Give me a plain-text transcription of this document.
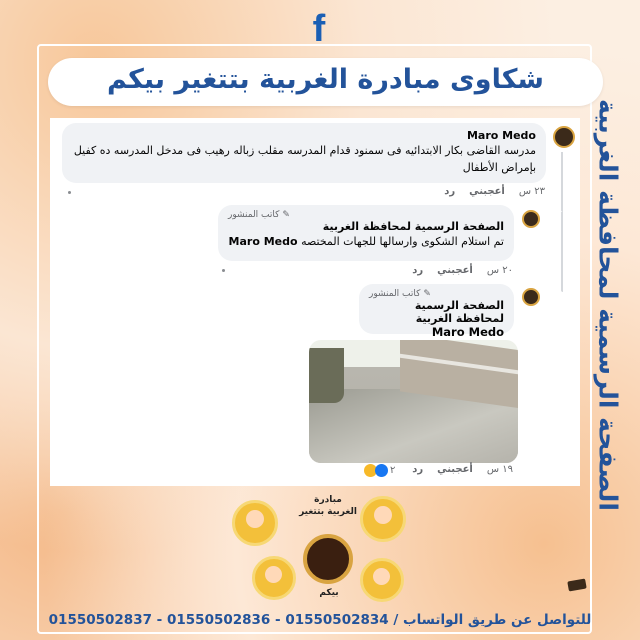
f
شكاوى مبادرة الغربية بتتغير بيكم
الصفحة الرسمية لمحافظة الغربية
Maro Medo
مدرسه القاضى بكار الابتدائيه فى سمنود قدام المدرسه مقلب زباله رهيب فى مدخل المدرسه ده كفيل بإمراض الأطفال
٢٣ س
أعجبني
رد
✎
كاتب المنشور
الصفحة الرسمية لمحافظة الغربية
تم استلام الشكوى وارسالها للجهات المختصه Maro Medo
٢٠ س
أعجبني
رد
✎
كاتب المنشور
الصفحة الرسمية لمحافظة الغربية
Maro Medo
١٩ س
أعجبني
رد
٢
مبادرة
الغربية بتتغير
بيكم
للتواصل عن طريق الواتساب / 01550502834 - 01550502836 - 01550502837
